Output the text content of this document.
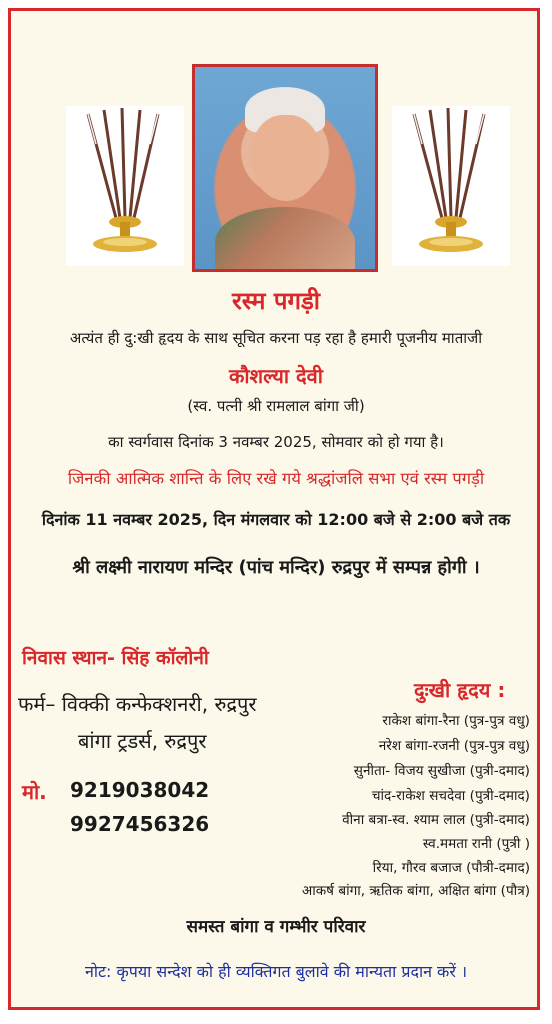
रस्म पगड़ी
अत्यंत ही दु:खी हृदय के साथ सूचित करना पड़ रहा है हमारी पूजनीय माताजी
कौशल्या देवी
(स्व. पत्नी श्री रामलाल बांगा जी)
का स्वर्गवास दिनांक 3 नवम्बर 2025, सोमवार को हो गया है।
जिनकी आत्मिक शान्ति के लिए रखे गये श्रद्धांजलि सभा एवं रस्म पगड़ी
दिनांक 11 नवम्बर 2025, दिन मंगलवार को 12:00 बजे से 2:00 बजे तक
श्री लक्ष्मी नारायण मन्दिर (पांच मन्दिर) रुद्रपुर में सम्पन्न होगी ।
निवास स्थान- सिंह कॉलोनी
फर्म– विक्की कन्फेक्शनरी, रुद्रपुर
बांगा ट्रडर्स, रुद्रपुर
मो. 9219038042
9927456326
दुःखी हृदय :
राकेश बांगा-रैना (पुत्र-पुत्र वधु)
नरेश बांगा-रजनी (पुत्र-पुत्र वधु)
सुनीता- विजय सुखीजा (पुत्री-दमाद)
चांद-राकेश सचदेवा (पुत्री-दमाद)
वीना बत्रा-स्व. श्याम लाल (पुत्री-दमाद)
स्व.ममता रानी (पुत्री )
रिया, गौरव बजाज (पौत्री-दमाद)
आकर्ष बांगा, ऋतिक बांगा, अक्षित बांगा (पौत्र)
समस्त बांगा व गम्भीर परिवार
नोट: कृपया सन्देश को ही व्यक्तिगत बुलावे की मान्यता प्रदान करें ।
